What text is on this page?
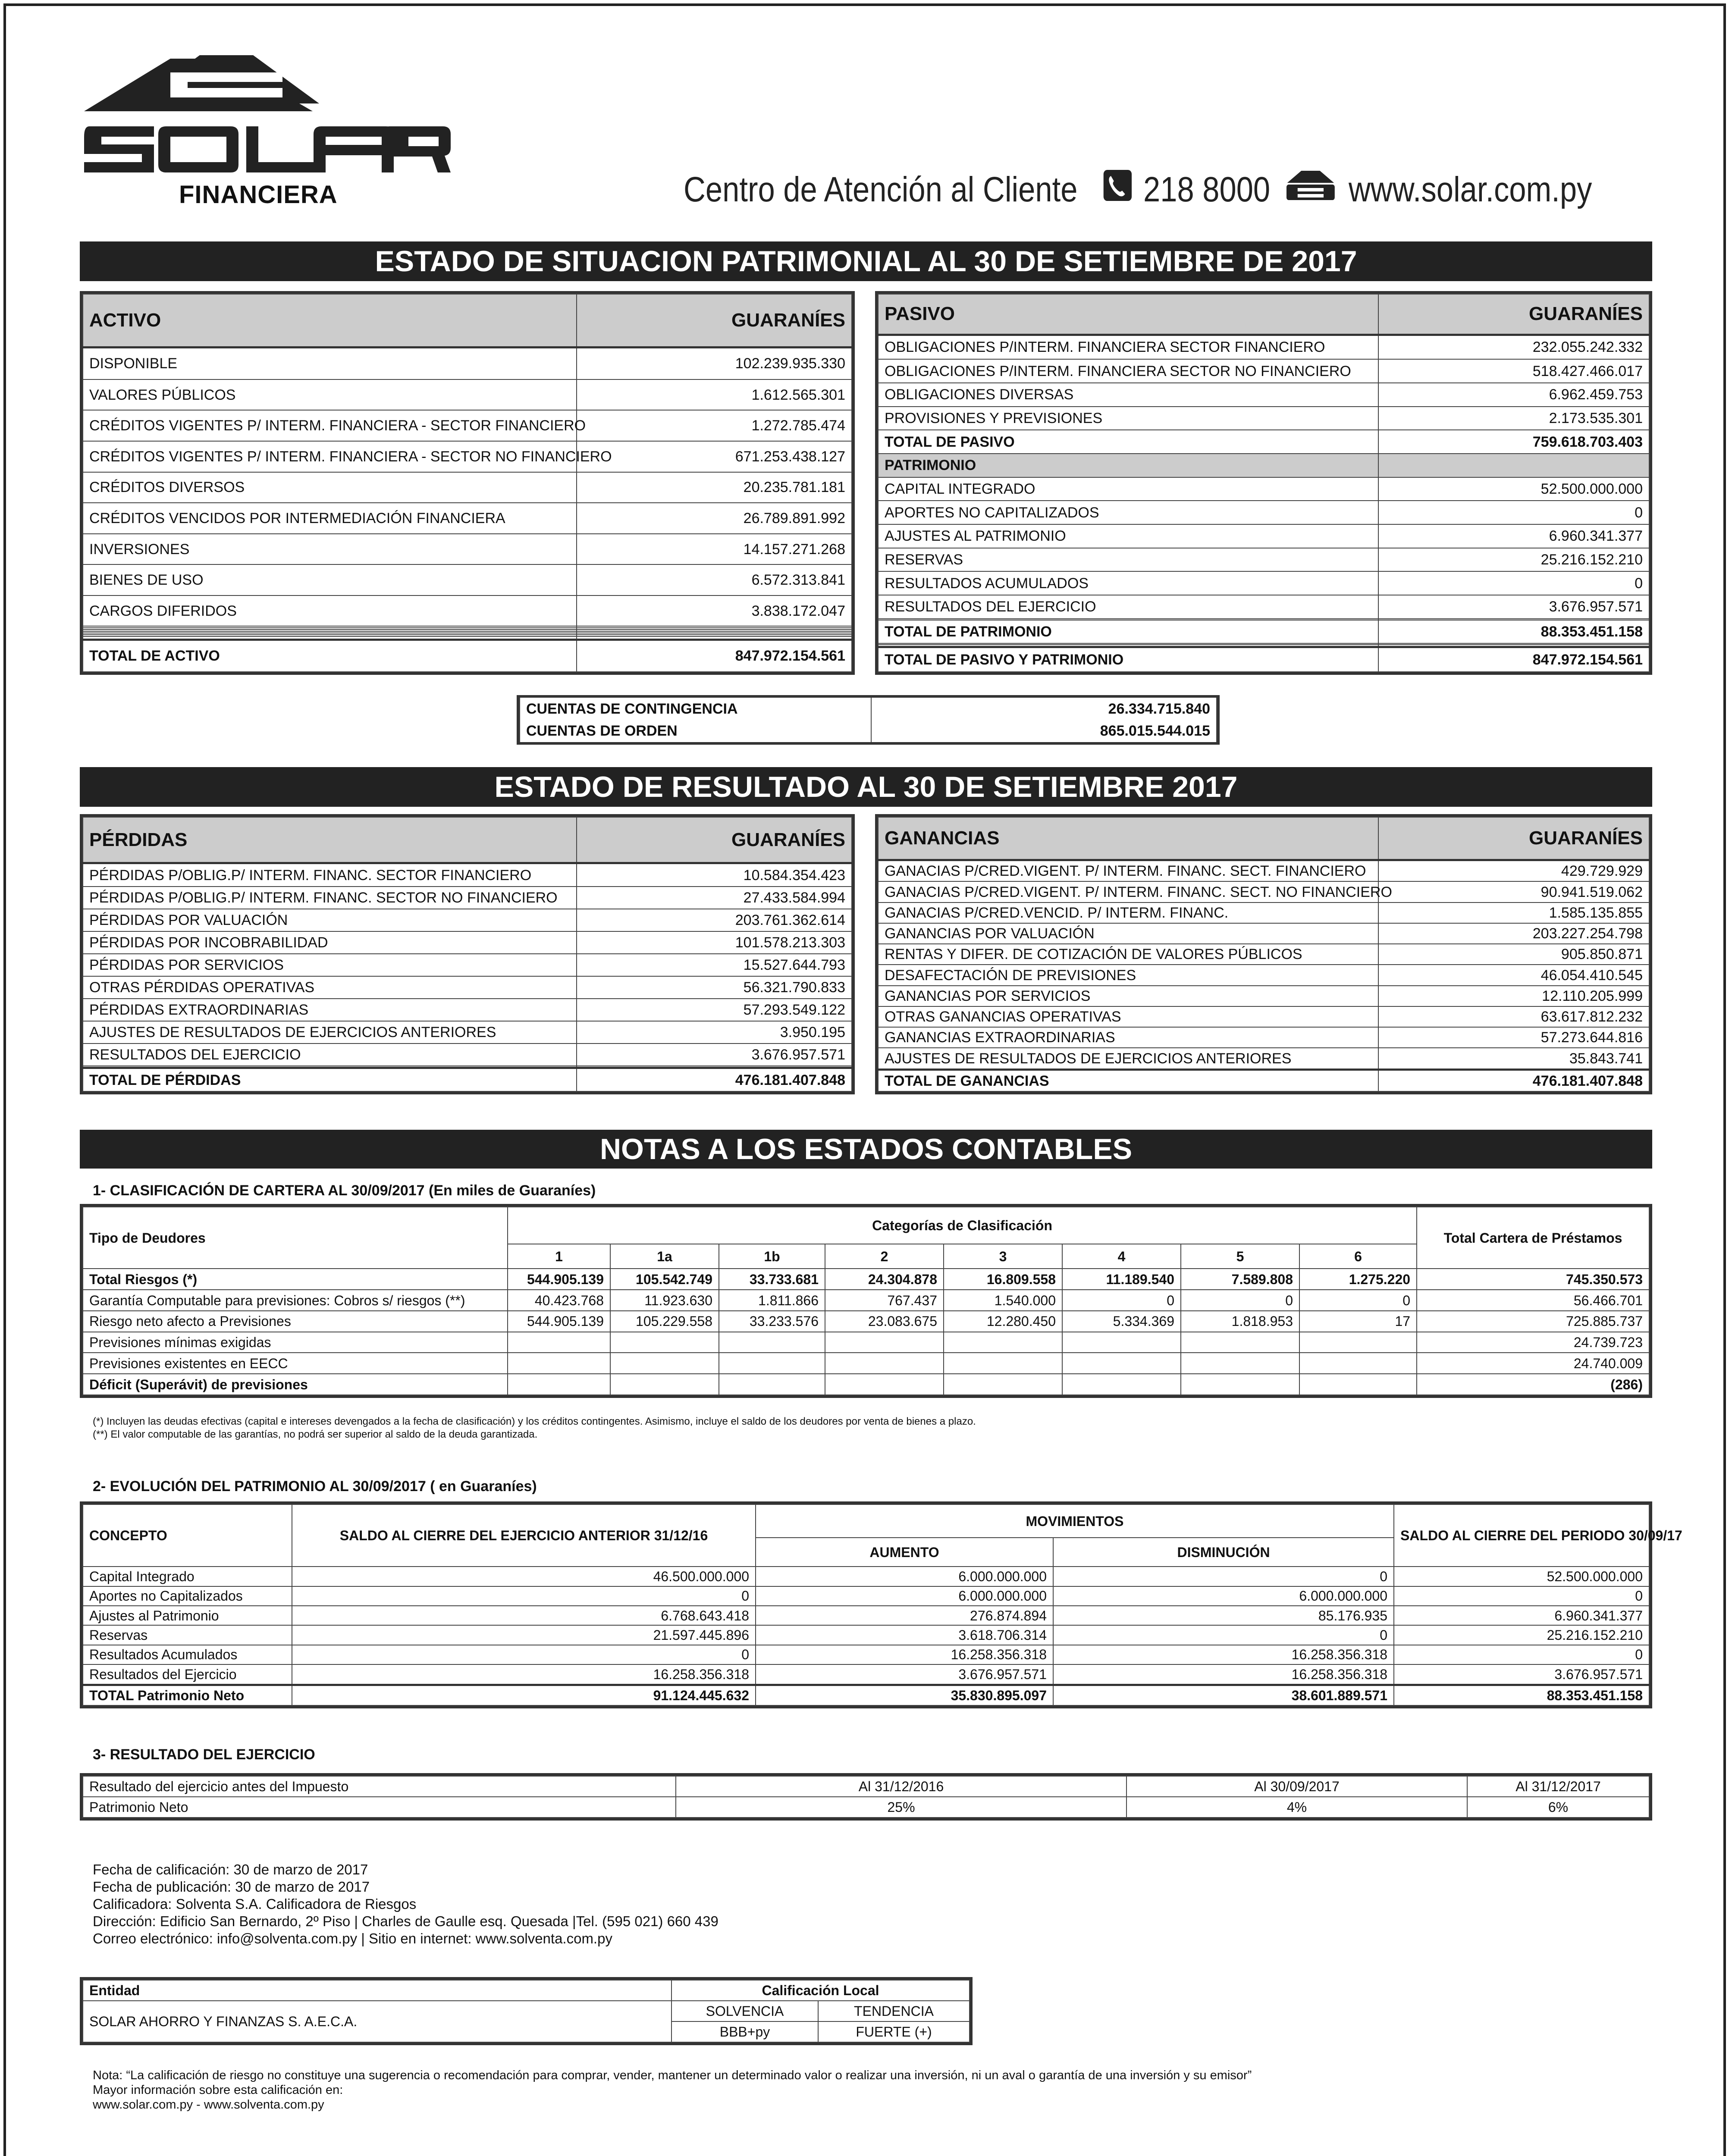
FINANCIERA	Centro de Atención al Cliente 218 8000 www.solar.com.py
ESTADO DE SITUACION PATRIMONIAL AL 30 DE SETIEMBRE DE 2017
ACTIVO	GUARANÍES
DISPONIBLE	102.239.935.330
VALORES PÚBLICOS	1.612.565.301
CRÉDITOS VIGENTES P/ INTERM. FINANCIERA - SECTOR FINANCIERO	1.272.785.474
CRÉDITOS VIGENTES P/ INTERM. FINANCIERA - SECTOR NO FINANCIERO	671.253.438.127
CRÉDITOS DIVERSOS	20.235.781.181
CRÉDITOS VENCIDOS POR INTERMEDIACIÓN FINANCIERA	26.789.891.992
INVERSIONES	14.157.271.268
BIENES DE USO	6.572.313.841
CARGOS DIFERIDOS	3.838.172.047

TOTAL DE ACTIVO	847.972.154.561
PASIVO	GUARANÍES
OBLIGACIONES P/INTERM. FINANCIERA SECTOR FINANCIERO	232.055.242.332
OBLIGACIONES P/INTERM. FINANCIERA SECTOR NO FINANCIERO	518.427.466.017
OBLIGACIONES DIVERSAS	6.962.459.753
PROVISIONES Y PREVISIONES	2.173.535.301
TOTAL DE PASIVO	759.618.703.403
PATRIMONIO	
CAPITAL INTEGRADO	52.500.000.000
APORTES NO CAPITALIZADOS	0
AJUSTES AL PATRIMONIO	6.960.341.377
RESERVAS	25.216.152.210
RESULTADOS ACUMULADOS	0
RESULTADOS DEL EJERCICIO	3.676.957.571

TOTAL DE PATRIMONIO	88.353.451.158

TOTAL DE PASIVO Y PATRIMONIO	847.972.154.561
CUENTAS DE CONTINGENCIA	26.334.715.840
CUENTAS DE ORDEN	865.015.544.015
ESTADO DE RESULTADO AL 30 DE SETIEMBRE 2017
PÉRDIDAS	GUARANÍES
PÉRDIDAS P/OBLIG.P/ INTERM. FINANC. SECTOR FINANCIERO	10.584.354.423
PÉRDIDAS P/OBLIG.P/ INTERM. FINANC. SECTOR NO FINANCIERO	27.433.584.994
PÉRDIDAS POR VALUACIÓN	203.761.362.614
PÉRDIDAS POR INCOBRABILIDAD	101.578.213.303
PÉRDIDAS POR SERVICIOS	15.527.644.793
OTRAS PÉRDIDAS OPERATIVAS	56.321.790.833
PÉRDIDAS EXTRAORDINARIAS	57.293.549.122
AJUSTES DE RESULTADOS DE EJERCICIOS ANTERIORES	3.950.195
RESULTADOS DEL EJERCICIO	3.676.957.571

TOTAL DE PÉRDIDAS	476.181.407.848
GANANCIAS	GUARANÍES
GANACIAS P/CRED.VIGENT. P/ INTERM. FINANC. SECT. FINANCIERO	429.729.929
GANACIAS P/CRED.VIGENT. P/ INTERM. FINANC. SECT. NO FINANCIERO	90.941.519.062
GANACIAS P/CRED.VENCID. P/ INTERM. FINANC.	1.585.135.855
GANANCIAS POR VALUACIÓN	203.227.254.798
RENTAS Y DIFER. DE COTIZACIÓN DE VALORES PÚBLICOS	905.850.871
DESAFECTACIÓN DE PREVISIONES	46.054.410.545
GANANCIAS POR SERVICIOS	12.110.205.999
OTRAS GANANCIAS OPERATIVAS	63.617.812.232
GANANCIAS EXTRAORDINARIAS	57.273.644.816
AJUSTES DE RESULTADOS DE EJERCICIOS ANTERIORES	35.843.741
TOTAL DE GANANCIAS	476.181.407.848
NOTAS A LOS ESTADOS CONTABLES
1- CLASIFICACIÓN DE CARTERA AL 30/09/2017 (En miles de Guaraníes)
Tipo de Deudores	Categorías de Clasificación								Total Cartera de Préstamos
	1	1a	1b	2	3	4	5	6	
Total Riesgos (*)	544.905.139	105.542.749	33.733.681	24.304.878	16.809.558	11.189.540	7.589.808	1.275.220	745.350.573
Garantía Computable para previsiones: Cobros s/ riesgos (**)	40.423.768	11.923.630	1.811.866	767.437	1.540.000	0	0	0	56.466.701
Riesgo neto afecto a Previsiones	544.905.139	105.229.558	33.233.576	23.083.675	12.280.450	5.334.369	1.818.953	17	725.885.737
Previsiones mínimas exigidas									24.739.723
Previsiones existentes en EECC									24.740.009
Déficit (Superávit) de previsiones									(286)
(*) Incluyen las deudas efectivas (capital e intereses devengados a la fecha de clasificación) y los créditos contingentes. Asimismo, incluye el saldo de los deudores por venta de bienes a plazo.
(**) El valor computable de las garantías, no podrá ser superior al saldo de la deuda garantizada.
2- EVOLUCIÓN DEL PATRIMONIO AL 30/09/2017 ( en Guaraníes)
CONCEPTO	SALDO AL CIERRE DEL EJERCICIO ANTERIOR 31/12/16	MOVIMIENTOS		SALDO AL CIERRE DEL PERIODO 30/09/17
		AUMENTO	DISMINUCIÓN	
Capital Integrado	46.500.000.000	6.000.000.000	0	52.500.000.000
Aportes no Capitalizados	0	6.000.000.000	6.000.000.000	0
Ajustes al Patrimonio	6.768.643.418	276.874.894	85.176.935	6.960.341.377
Reservas	21.597.445.896	3.618.706.314	0	25.216.152.210
Resultados Acumulados	0	16.258.356.318	16.258.356.318	0
Resultados del Ejercicio	16.258.356.318	3.676.957.571	16.258.356.318	3.676.957.571
TOTAL Patrimonio Neto	91.124.445.632	35.830.895.097	38.601.889.571	88.353.451.158
3- RESULTADO DEL EJERCICIO
Resultado del ejercicio antes del Impuesto	Al 31/12/2016	Al 30/09/2017	Al 31/12/2017
Patrimonio Neto	25%	4%	6%
Fecha de calificación: 30 de marzo de 2017
Fecha de publicación: 30 de marzo de 2017
Calificadora: Solventa S.A. Calificadora de Riesgos
Dirección: Edificio San Bernardo, 2º Piso | Charles de Gaulle esq. Quesada |Tel. (595 021) 660 439
Correo electrónico: info@solventa.com.py | Sitio en internet: www.solventa.com.py
Entidad	Calificación Local	
SOLAR AHORRO Y FINANZAS S. A.E.C.A.	SOLVENCIA	TENDENCIA
	BBB+py	FUERTE (+)
Nota: “La calificación de riesgo no constituye una sugerencia o recomendación para comprar, vender, mantener un determinado valor o realizar una inversión, ni un aval o garantía de una inversión y su emisor”
Mayor información sobre esta calificación en:
www.solar.com.py - www.solventa.com.py
